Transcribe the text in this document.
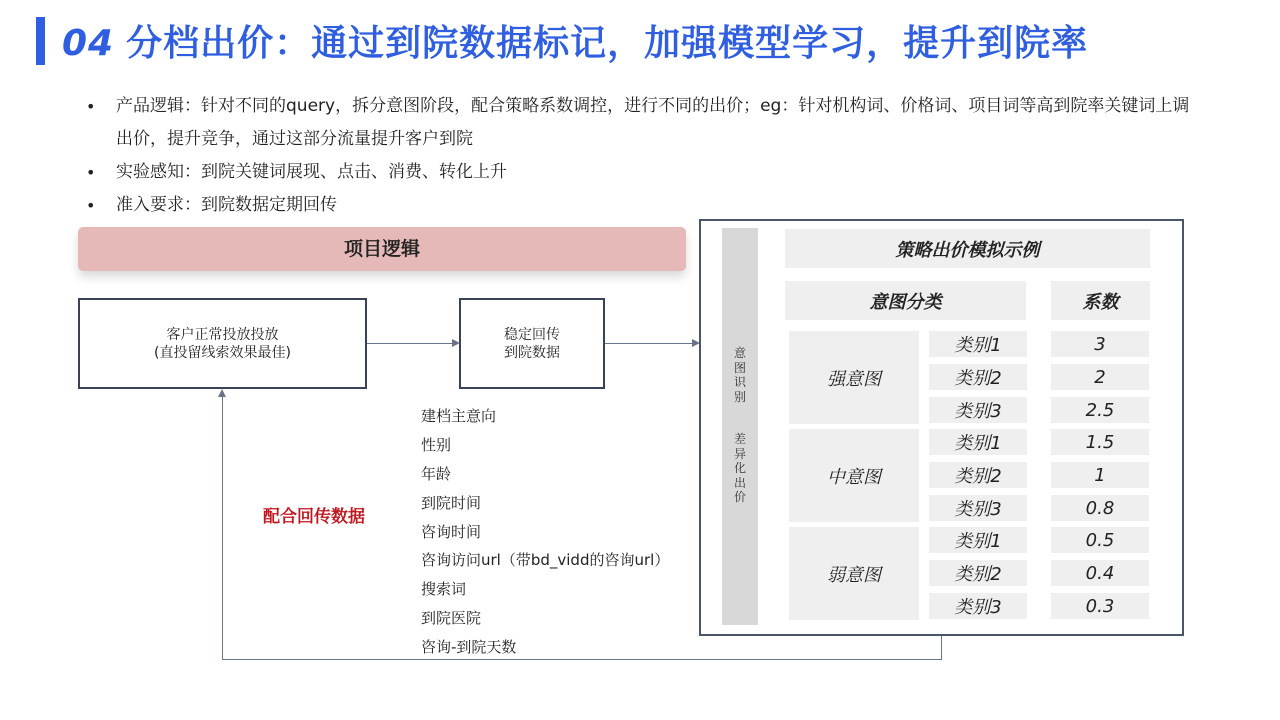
04 分档出价：通过到院数据标记，加强模型学习，提升到院率
• 产品逻辑：针对不同的query，拆分意图阶段，配合策略系数调控，进行不同的出价；eg：针对机构词、价格词、项目词等高到院率关键词上调出价，提升竞争，通过这部分流量提升客户到院
• 实验感知：到院关键词展现、点击、消费、转化上升
• 准入要求：到院数据定期回传
项目逻辑
客户正常投放投放
(直投留线索效果最佳)
稳定回传
到院数据
配合回传数据
建档主意向
性别
年龄
到院时间
咨询时间
咨询访问url（带bd_vidd的咨询url）
搜索词
到院医院
咨询-到院天数
意
图
识
别
差
异
化
出
价
策略出价模拟示例
意图分类	系数
强意图
类别1	3
类别2	2
类别3	2.5
中意图
类别1	1.5
类别2	1
类别3	0.8
弱意图
类别1	0.5
类别2	0.4
类别3	0.3
